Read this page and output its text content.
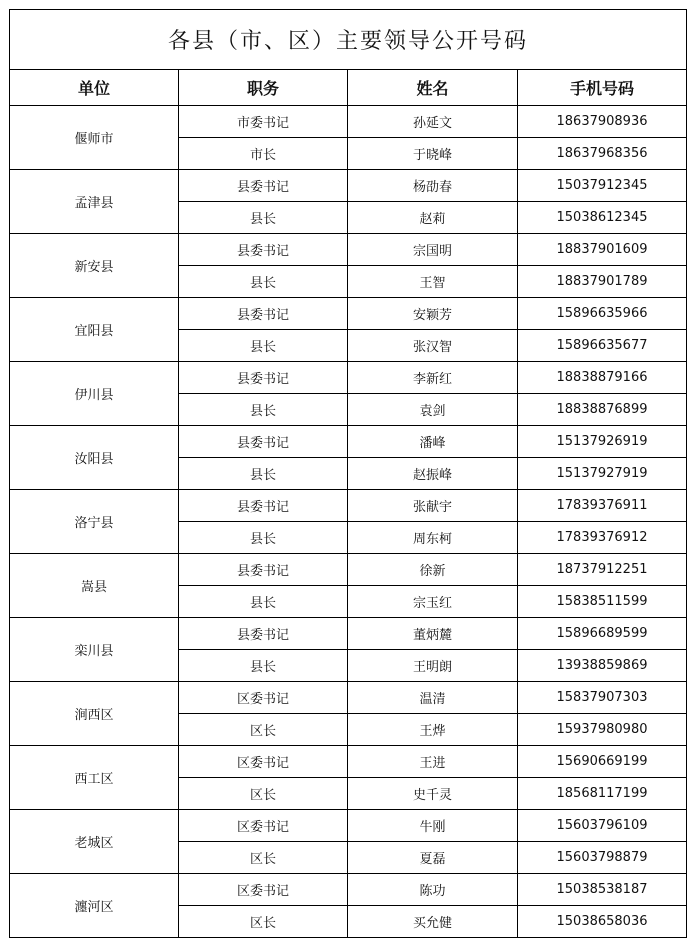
各县（市、区）主要领导公开号码			
单位	职务	姓名	手机号码
偃师市	市委书记	孙延文	18637908936
	市长	于晓峰	18637968356
孟津县	县委书记	杨劭春	15037912345
	县长	赵莉	15038612345
新安县	县委书记	宗国明	18837901609
	县长	王智	18837901789
宜阳县	县委书记	安颖芳	15896635966
	县长	张汉智	15896635677
伊川县	县委书记	李新红	18838879166
	县长	袁剑	18838876899
汝阳县	县委书记	潘峰	15137926919
	县长	赵振峰	15137927919
洛宁县	县委书记	张献宇	17839376911
	县长	周东柯	17839376912
嵩县	县委书记	徐新	18737912251
	县长	宗玉红	15838511599
栾川县	县委书记	董炳麓	15896689599
	县长	王明朗	13938859869
涧西区	区委书记	温清	15837907303
	区长	王烨	15937980980
西工区	区委书记	王进	15690669199
	区长	史千灵	18568117199
老城区	区委书记	牛刚	15603796109
	区长	夏磊	15603798879
瀍河区	区委书记	陈功	15038538187
	区长	买允健	15038658036
